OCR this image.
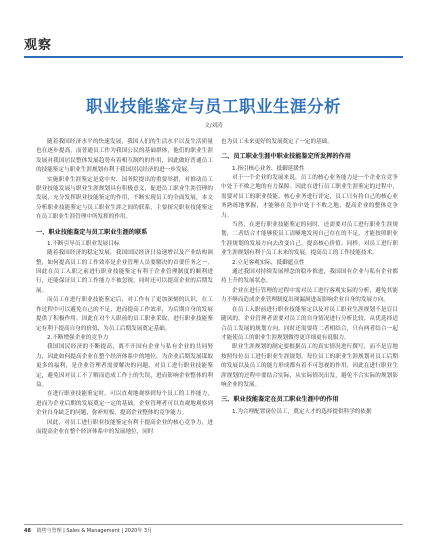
观察
职业技能鉴定与员工职业生涯分析
文/刘涛

随着我国经济水平的快速发展，我国人们的生活水平以及生活质量也在逐步提高，而普通员工作为我国公民的基础群体，他们的职业生涯发展对我国居民整体发展趋势有着相互制约的作用，因此做好普通员工的技能鉴定与职业生涯规划有利于我国居民经济的进一步发展。

实施职业生涯鉴定是党中央、国务院提出的重要举措，对推动员工职业技能发展与职业生涯规划具有积极意义，促进员工职业生涯管理的发展，充分发挥职业技能鉴定的作用，不断实现员工的全面发展，本文分析职业技能鉴定与员工职业生涯之间的联系，主要探究职业技能鉴定在员工职业生涯管理中所发挥的作用。

一、职业技能鉴定与员工职业生涯的联系

1.不断引导员工职业发展目标

随着我国经济的稳定发展，我国国民经济日益递增以及产业结构调整，如何提高员工的工作效率是企业管理人员要解决的首要任务之一，因此在员工入职之前进行职业技能鉴定有利于企业管理制度的顺利进行，还能保证员工的工作能力不被忽视，同时还可以提高企业的后期发展。

而员工在进行职业技能鉴定后，对工作有了更加深刻的认识，在工作过程中可以避免自己的不足，进而提高工作效率，为后期自身的发展提供了积极作用。因此在对个人职前的员工职业采取，进行职业技能鉴定有利于提高自身的价值，为员工后期发展奠定基础。

2.不断增强企业的竞争力

我国国民经济的不断提高，离不开国有企业与私有企业的共同努力，因此如何提高企业在整个经济体系中的地位，为企业后期发展谋取更多的福利，是企业管理者需要解决的问题。对员工进行职业技能鉴定，避免因对员工不了解而造成工作上的失误，进而影响企业整体的利益。

在进行职业技能鉴定时，可以直观地观察到每个员工的工作能力，进而为企业后期的发展奠定一定的基础，企业管理者可以直观地观察到企业自身缺乏的问题，弥补短板，提高企业整体的竞争能力。

因此，对员工进行职业技能鉴定有利于提高企业的核心竞争力，进而提高企业在整个经济体系中的发展地位，同时

也为员工未来更好的发展奠定了一定的基础。

二、员工职业生涯中职业技能鉴定所发挥的作用

1.指引核心业务、抵御延缓性

对于一个企业的发展来说，员工的核心业务能力是一个企业在竞争中处于不败之地的有力保障。因此在进行员工职业生涯鉴定的过程中，需要对员工的职业技能、核心业务进行评定，员工只有将自己的核心业务熟练地掌握，才能够在竞争中处于不败之地，提高企业的整体竞争力。

当然，在进行职业技能鉴定的同时，还需要对员工进行职业生涯规划，二者结合才能够使员工清晰地发现自己存在的不足，才能按照职业生涯规划的发展方向去改变自己，提高核心价值。同样，对员工进行职业生涯规划有利于员工未来的发展，提高员工的工作技能技术。

2.立足客观实际，抵御遮点性

通过我国对持续发展理念的稳步推进，我国国有企业与私有企业都持上升的发展状态。

企业在进行管理的过程中需对员工进行客观实际的分析，避免其能力不够而造成企业管理制度出现漏洞进而影响企业自身的发展方向。

在员工入职前进行职业技能鉴定以及对员工职业生涯规划不是盲目随风的，企业管理者需要对员工的自身情况进行分析比较，从优选择适合员工发展的规划方向，同时还需要将二者相结合，只有两者结合一起才能使员工的职业生涯规划做得更详细更有说服力。

职业生涯规划的制定要根据员工的真实情况进行撰写，而不是盲地按照每位员工进行职业生涯规划。每位员工的职业生涯规划对员工后期的发展以及员工的能力形成都有着不可忽视的作用，因此在进行职业生涯规划的过程中要结合实际，从实际情况出发，避免不合实际的规划影响企业的发展。

三、职业技能鉴定在员工职业生涯中的作用

1.为合理配置岗位员工，奠定人才的选择提供科学的依据

48 销售与管理 | Sales & Management | 2020年 3月
